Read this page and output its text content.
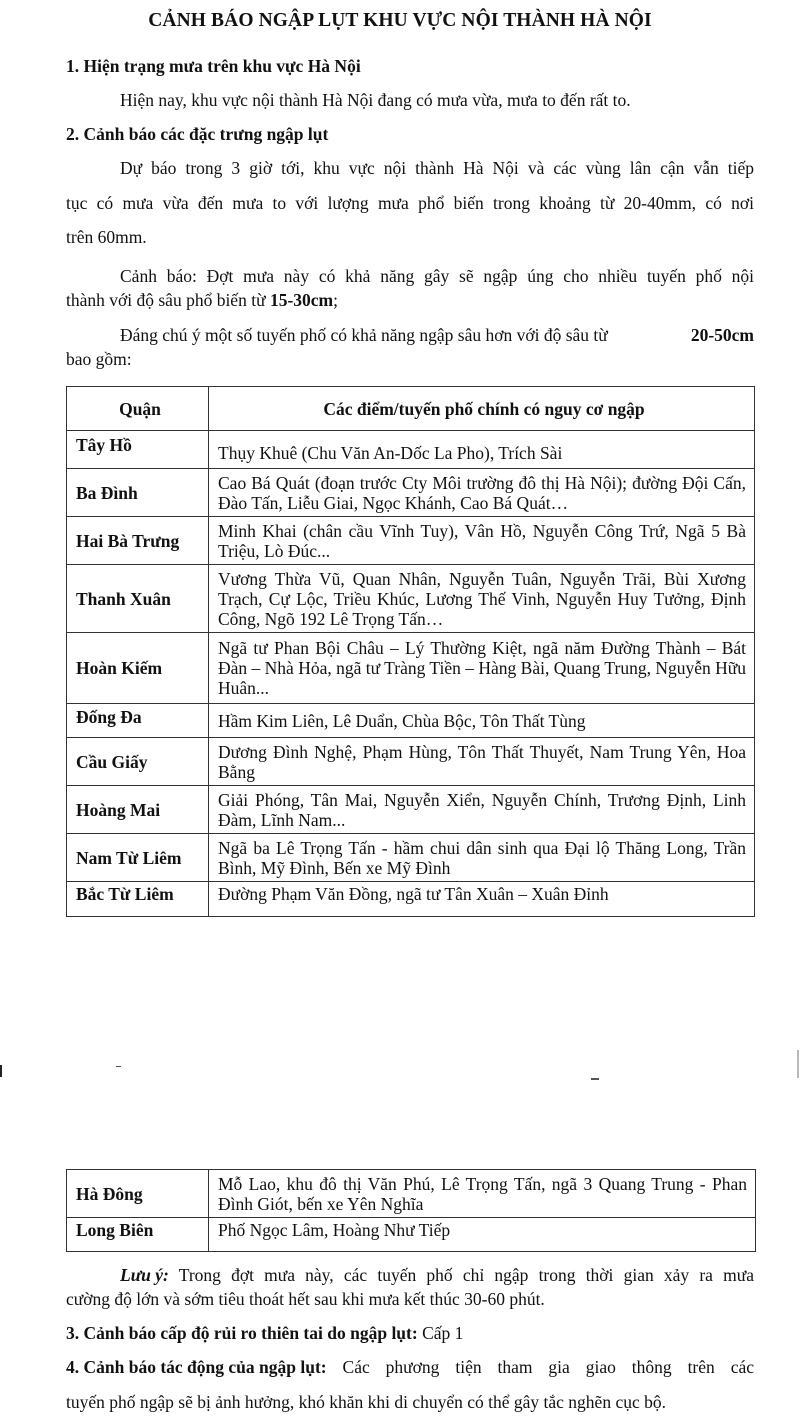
CẢNH BÁO NGẬP LỤT KHU VỰC NỘI THÀNH HÀ NỘI
1. Hiện trạng mưa trên khu vực Hà Nội
Hiện nay, khu vực nội thành Hà Nội đang có mưa vừa, mưa to đến rất to.
2. Cảnh báo các đặc trưng ngập lụt
Dự báo trong 3 giờ tới, khu vực nội thành Hà Nội và các vùng lân cận vẫn tiếp
tục có mưa vừa đến mưa to với lượng mưa phổ biến trong khoảng từ 20-40mm, có nơi
trên 60mm.
Cảnh báo: Đợt mưa này có khả năng gây sẽ ngập úng cho nhiều tuyến phố nội
thành với độ sâu phổ biến từ 15-30cm;
Đáng chú ý một số tuyến phố có khả năng ngập sâu hơn với độ sâu từ	20-50cm
bao gồm:
Quận	Các điểm/tuyến phố chính có nguy cơ ngập
Tây Hồ	Thụy Khuê (Chu Văn An-Dốc La Pho), Trích Sài
Ba Đình	Cao Bá Quát (đoạn trước Cty Môi trường đô thị Hà Nội); đường Đội Cấn, Đào Tấn, Liễu Giai, Ngọc Khánh, Cao Bá Quát…
Hai Bà Trưng	Minh Khai (chân cầu Vĩnh Tuy), Vân Hồ, Nguyễn Công Trứ, Ngã 5 Bà Triệu, Lò Đúc...
Thanh Xuân	Vương Thừa Vũ, Quan Nhân, Nguyễn Tuân, Nguyễn Trãi, Bùi Xương Trạch, Cự Lộc, Triều Khúc, Lương Thế Vinh, Nguyễn Huy Tưởng, Định Công, Ngõ 192 Lê Trọng Tấn…
Hoàn Kiếm	Ngã tư Phan Bội Châu – Lý Thường Kiệt, ngã năm Đường Thành – Bát Đàn – Nhà Hỏa, ngã tư Tràng Tiền – Hàng Bài, Quang Trung, Nguyễn Hữu Huân...
Đống Đa	Hầm Kim Liên, Lê Duẩn, Chùa Bộc, Tôn Thất Tùng
Cầu Giấy	Dương Đình Nghệ, Phạm Hùng, Tôn Thất Thuyết, Nam Trung Yên, Hoa Bằng
Hoàng Mai	Giải Phóng, Tân Mai, Nguyễn Xiển, Nguyễn Chính, Trương Định, Linh Đàm, Lĩnh Nam...
Nam Từ Liêm	Ngã ba Lê Trọng Tấn - hầm chui dân sinh qua Đại lộ Thăng Long, Trần Bình, Mỹ Đình, Bến xe Mỹ Đình
Bắc Từ Liêm	Đường Phạm Văn Đồng, ngã tư Tân Xuân – Xuân Đỉnh
Hà Đông	Mỗ Lao, khu đô thị Văn Phú, Lê Trọng Tấn, ngã 3 Quang Trung - Phan Đình Giót, bến xe Yên Nghĩa
Long Biên	Phố Ngọc Lâm, Hoàng Như Tiếp
Lưu ý: Trong đợt mưa này, các tuyến phố chỉ ngập trong thời gian xảy ra mưa
cường độ lớn và sớm tiêu thoát hết sau khi mưa kết thúc 30-60 phút.
3. Cảnh báo cấp độ rủi ro thiên tai do ngập lụt: Cấp 1
4. Cảnh báo tác động của ngập lụt: Các phương tiện tham gia giao thông trên các
tuyến phố ngập sẽ bị ảnh hưởng, khó khăn khi di chuyển có thể gây tắc nghẽn cục bộ.
